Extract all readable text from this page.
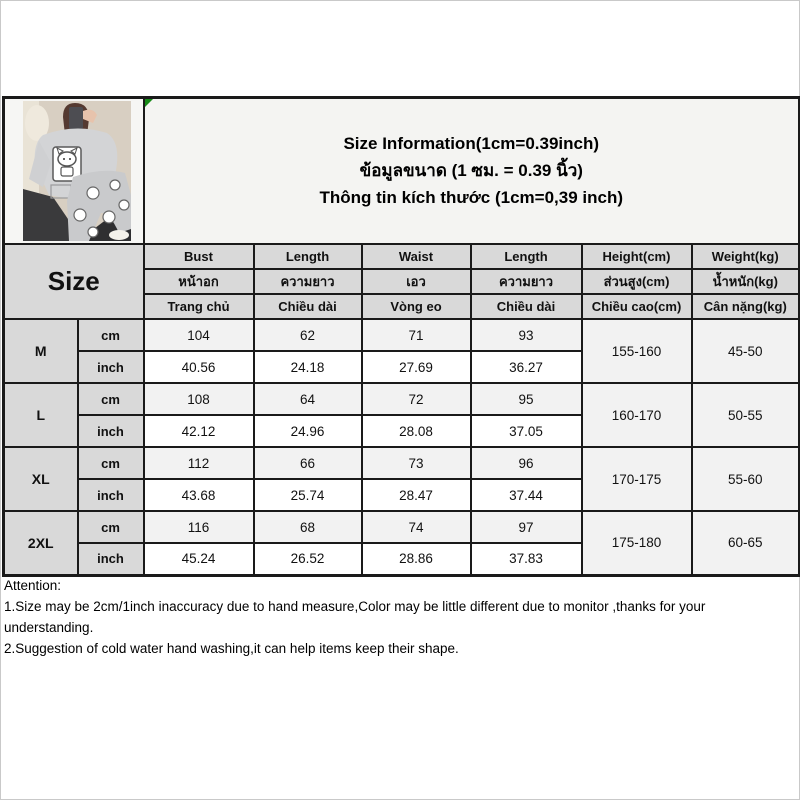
Size Information(1cm=0.39inch)
ข้อมูลขนาด (1 ซม. = 0.39 นิ้ว)
Thông tin kích thước (1cm=0,39 inch)					

Size		Bust	Length	Waist	Length	Height(cm)	Weight(kg)
		หน้าอก	ความยาว	เอว	ความยาว	ส่วนสูง(cm)	น้ำหนัก(kg)
		Trang chủ	Chiều dài	Vòng eo	Chiều dài	Chiều cao(cm)	Cân nặng(kg)
M	cm	104	62	71	93	155-160	45-50
	inch	40.56	24.18	27.69	36.27		
L	cm	108	64	72	95	160-170	50-55
	inch	42.12	24.96	28.08	37.05		
XL	cm	112	66	73	96	170-175	55-60
	inch	43.68	25.74	28.47	37.44		
2XL	cm	116	68	74	97	175-180	60-65
	inch	45.24	26.52	28.86	37.83		
Attention:
1.Size may be 2cm/1inch inaccuracy due to hand measure,Color may be little different due to monitor ,thanks for your
understanding.
2.Suggestion of cold water hand washing,it can help items keep their shape.
